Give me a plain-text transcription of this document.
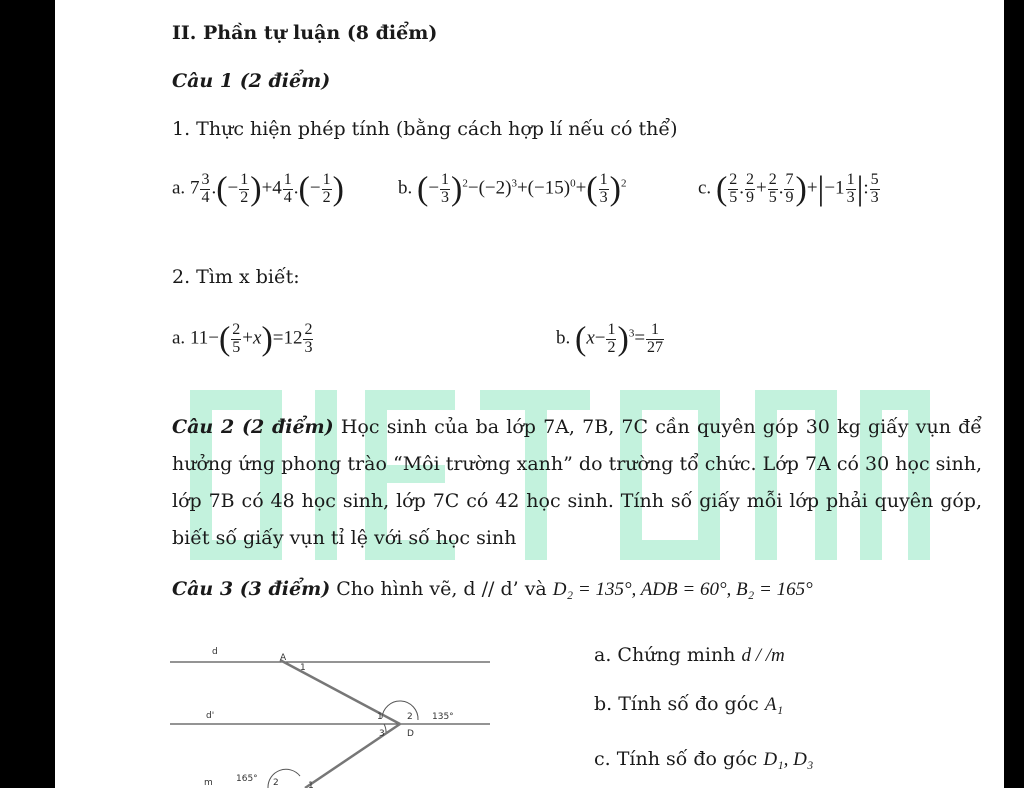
II. Phần tự luận (8 điểm)
Câu 1 (2 điểm)
1. Thực hiện phép tính (bằng cách hợp lí nếu có thể)
a. $7 \frac{3}{4}$ .(− $\frac{1}{2} )+4 \frac{1}{4}$ .(− $\frac{1}{2}$ )	b. (− $\frac{1}{3} )^2-(-2)^3+(-15)^0+( \frac{1}{3} )^2$	c. ( $\frac{2}{5}$ . $\frac{2}{9} + \frac{2}{5}$ . $\frac{7}{9} )+|-1 \frac{1}{3}$ |: $\frac{5}{3}$
2. Tìm x biết:
a. $11-( \frac{2}{5} +x)=12 \frac{2}{3}$	b. $(x- \frac{1}{2} )^3= \frac{1}{27}$
Câu 2 (2 điểm) Học sinh của ba lớp 7A, 7B, 7C cần quyên góp 30 kg giấy vụn để hưởng ứng phong trào “Môi trường xanh” do trường tổ chức. Lớp 7A có 30 học sinh, lớp 7B có 48 học sinh, lớp 7C có 42 học sinh. Tính số giấy mỗi lớp phải quyên góp, biết số giấy vụn tỉ lệ với số học sinh
Câu 3 (3 điểm) Cho hình vẽ, d // d’ và D₂ = 135°, ADB = 60°, B₂ = 165°
a. Chứng minh d / /m
b. Tính số đo góc A₁
c. Tính số đo góc D₁, D₃
d
d'
m
A
1
1	2
3 D
135°
165° 2	1
